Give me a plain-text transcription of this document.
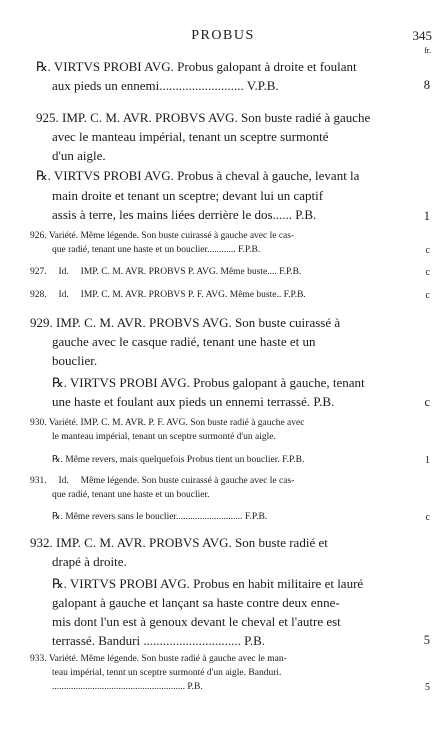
PROBUS	345
fr.
℞. VIRTVS PROBI AVG. Probus galopant à droite et foulant
aux pieds un ennemi.......................... V.P.B.	8
925. IMP. C. M. AVR. PROBVS AVG. Son buste radié à gauche
avec le manteau impérial, tenant un sceptre surmonté
d'un aigle.
℞. VIRTVS PROBI AVG. Probus à cheval à gauche, levant la
main droite et tenant un sceptre; devant lui un captif
assis à terre, les mains liées derrière le dos...... P.B.	1
926. Variété. Même légende. Son buste cuirassé à gauche avec le cas-
que radié, tenant une haste et un bouclier............ F.P.B.	c
927.     Id.     IMP. C. M. AVR. PROBVS P. AVG. Même buste.... F.P.B.	c
928.     Id.     IMP. C. M. AVR. PROBVS P. F. AVG. Même buste.. F.P.B.	c
929. IMP. C. M. AVR. PROBVS AVG. Son buste cuirassé à
gauche avec le casque radié, tenant une haste et un
bouclier.
℞. VIRTVS PROBI AVG. Probus galopant à gauche, tenant
une haste et foulant aux pieds un ennemi terrassé. P.B.	c
930. Variété. IMP. C. M. AVR. P. F. AVG. Son buste radié à gauche avec
le manteau impérial, tenant un sceptre surmonté d'un aigle.
℞. Même revers, mais quelquefois Probus tient un bouclier. F.P.B.	1
931.     Id.     Même légende. Son buste cuirassé à gauche avec le cas-
que radié, tenant une haste et un bouclier.
℞. Même revers sans le bouclier............................ F.P.B.	c
932. IMP. C. M. AVR. PROBVS AVG. Son buste radié et
drapé à droite.
℞. VIRTVS PROBI AVG. Probus en habit militaire et lauré
galopant à gauche et lançant sa haste contre deux enne-
mis dont l'un est à genoux devant le cheval et l'autre est
terrassé. Banduri .............................. P.B.	5
933. Variété. Même légende. Son buste radié à gauche avec le man-
teau impérial, tennt un sceptre surmonté d'un aigle. Banduri.
........................................................ P.B.	5
